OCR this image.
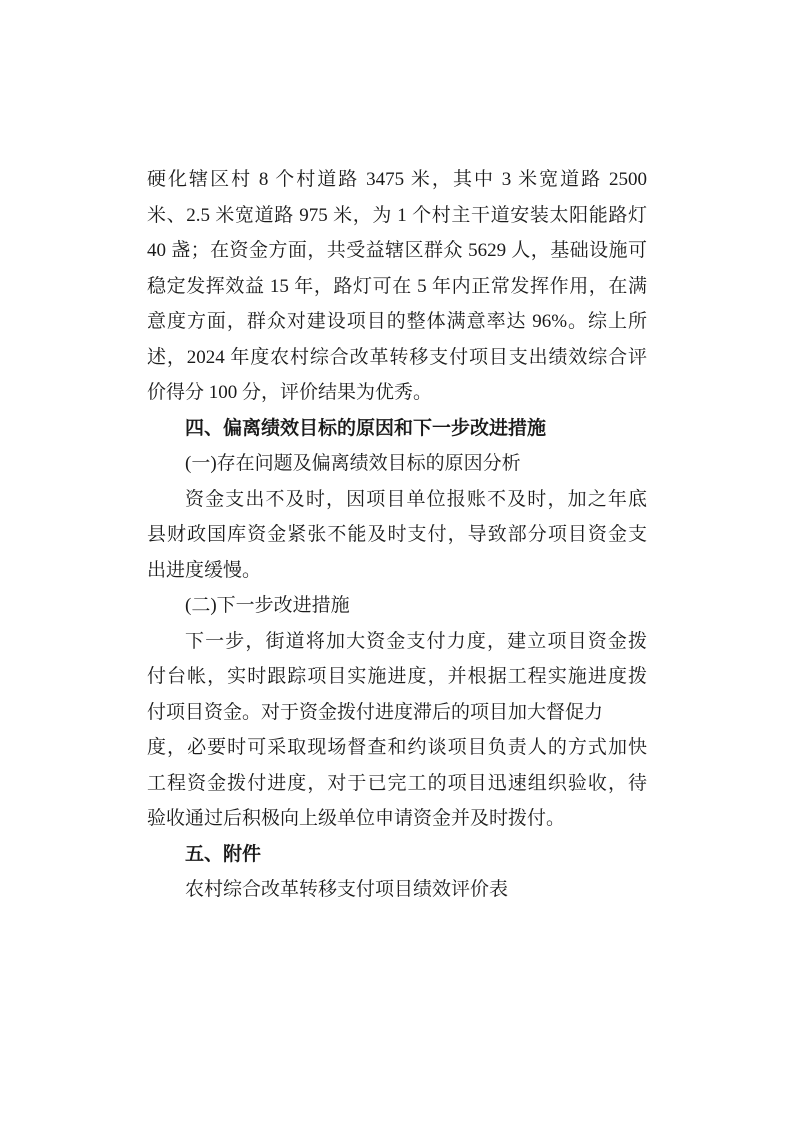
硬化辖区村 8 个村道路 3475 米，其中 3 米宽道路 2500
米、2.5 米宽道路 975 米，为 1 个村主干道安装太阳能路灯
40 盏；在资金方面，共受益辖区群众 5629 人，基础设施可
稳定发挥效益 15 年，路灯可在 5 年内正常发挥作用，在满
意度方面，群众对建设项目的整体满意率达 96%。综上所
述，2024 年度农村综合改革转移支付项目支出绩效综合评
价得分 100 分，评价结果为优秀。
四、偏离绩效目标的原因和下一步改进措施
(一)存在问题及偏离绩效目标的原因分析
资金支出不及时，因项目单位报账不及时，加之年底
县财政国库资金紧张不能及时支付，导致部分项目资金支
出进度缓慢。
(二)下一步改进措施
下一步，街道将加大资金支付力度，建立项目资金拨
付台帐，实时跟踪项目实施进度，并根据工程实施进度拨
付项目资金。对于资金拨付进度滞后的项目加大督促力
度，必要时可采取现场督查和约谈项目负责人的方式加快
工程资金拨付进度，对于已完工的项目迅速组织验收，待
验收通过后积极向上级单位申请资金并及时拨付。
五、附件
农村综合改革转移支付项目绩效评价表
